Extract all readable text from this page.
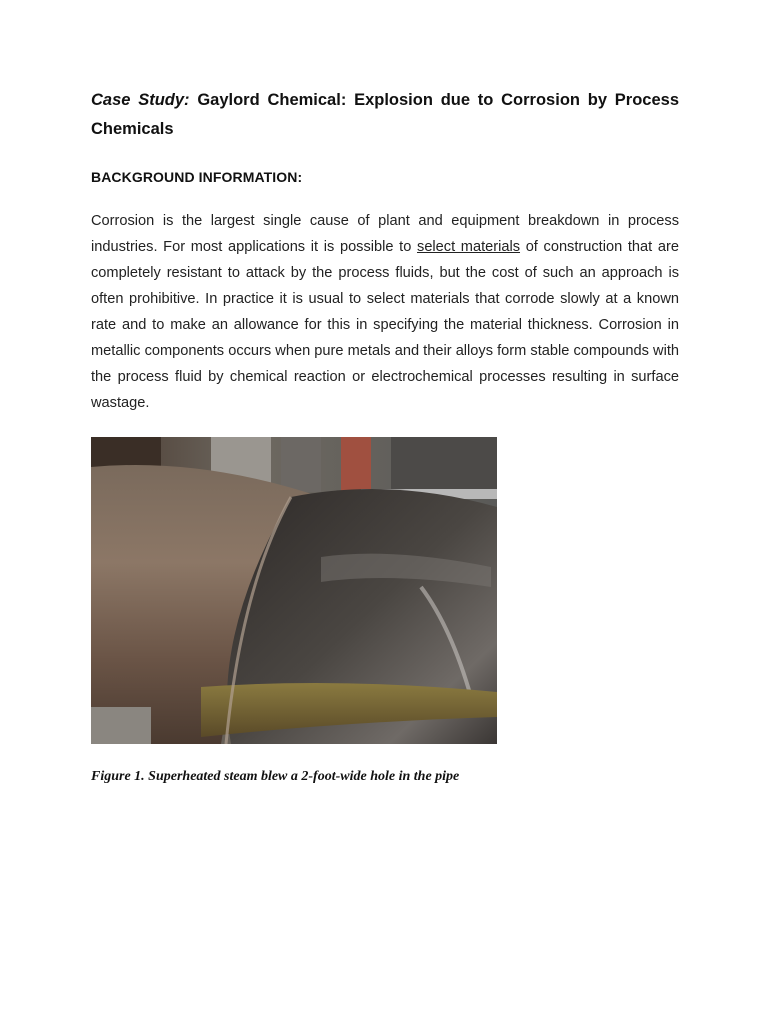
Case Study: Gaylord Chemical: Explosion due to Corrosion by Process Chemicals
BACKGROUND INFORMATION:

Corrosion is the largest single cause of plant and equipment breakdown in process industries. For most applications it is possible to select materials of construction that are completely resistant to attack by the process fluids, but the cost of such an approach is often prohibitive. In practice it is usual to select materials that corrode slowly at a known rate and to make an allowance for this in specifying the material thickness. Corrosion in metallic components occurs when pure metals and their alloys form stable compounds with the process fluid by chemical reaction or electrochemical processes resulting in surface wastage.

Figure 1. Superheated steam blew a 2-foot-wide hole in the pipe
